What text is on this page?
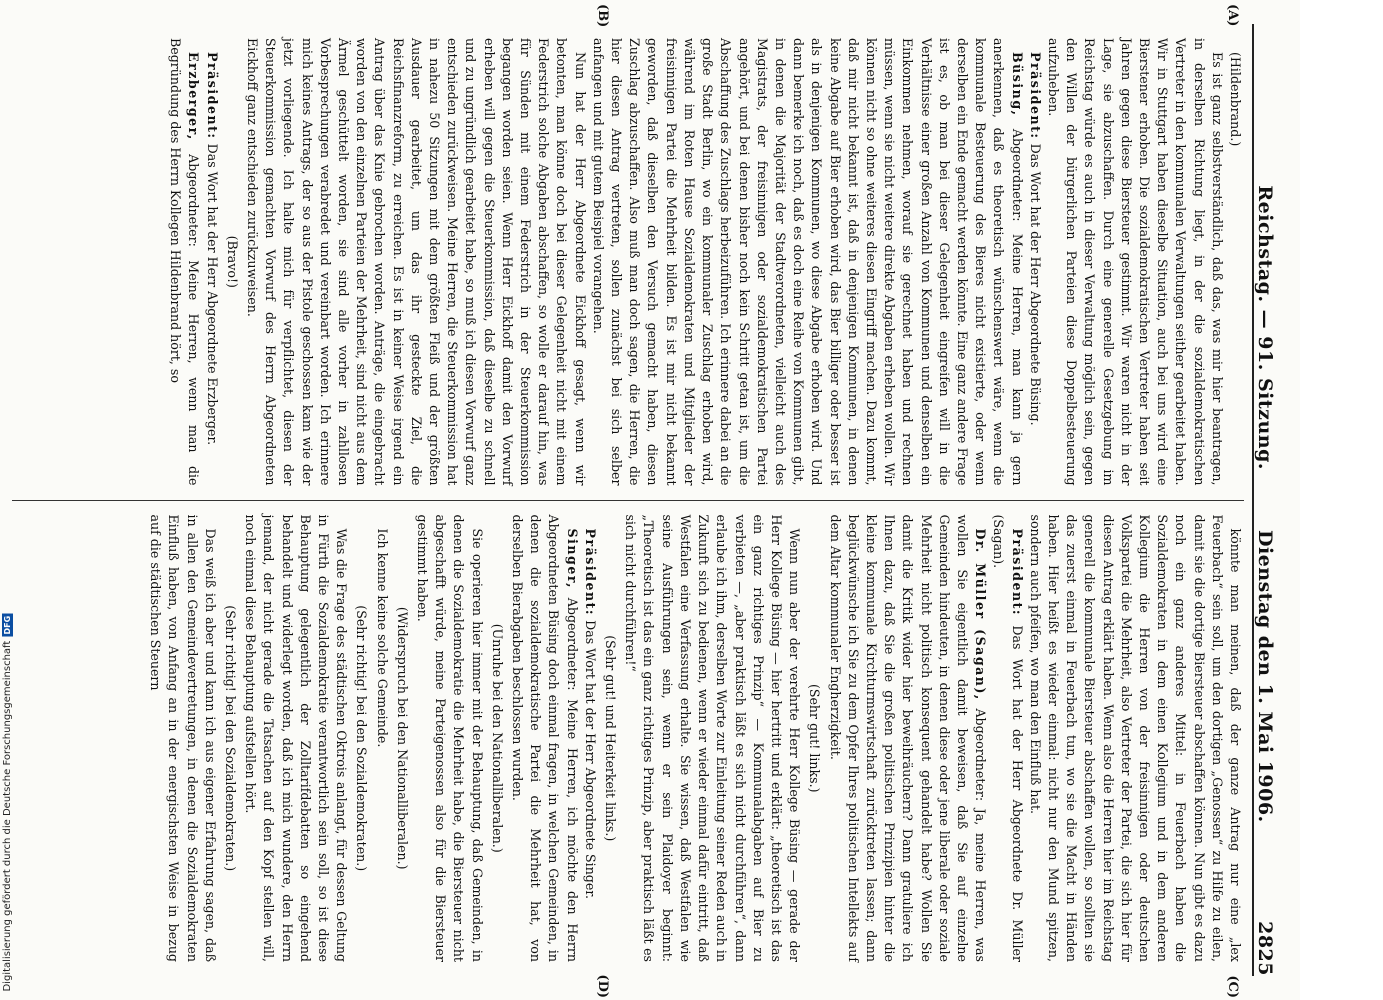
Reichstag. — 91. Sitzung.
Dienstag den 1. Mai 1906.
2825

(Hildenbrand.)

Es ist ganz selbstverständlich, daß das, was mir hier beantragen, in derselben Richtung liegt, in der die sozialdemokratischen Vertreter in den kommunalen Verwaltungen seither gearbeitet haben. Wir in Stuttgart haben dieselbe Situation, auch bei uns wird eine Bierstener erhoben. Die sozialdemokratischen Vertreter haben seit Jahren gegen diese Biersteuer gestimmt. Wir waren nicht in der Lage, sie abzuschaffen. Durch eine generelle Gesetzgebung im Reichstag würde es auch in dieser Verwaltung möglich sein, gegen den Willen der bürgerlichen Parteien diese Doppelbesteuerung aufzuheben.

Präsident: Das Wort hat der Herr Abgeordnete Büsing.

Büsing, Abgeordneter: Meine Herren, man kann ja gern anerkennen, daß es theoretisch wünschenswert wäre, wenn die kommunale Besteuerung des Bieres nicht existierte, oder wenn derselben ein Ende gemacht werden könnte. Eine ganz andere Frage ist es, ob man bei dieser Gelegenheit eingreifen will in die Verhältnisse einer großen Anzahl von Kommunen und denselben ein Einkommen nehmen, worauf sie gerechnet haben und rechnen müssen, wenn sie nicht weitere direkte Abgaben erheben wollen. Wir können nicht so ohne weiteres diesen Eingriff machen. Dazu kommt, daß mir nicht bekannt ist, daß in denjenigen Kommunen, in denen keine Abgabe auf Bier erhoben wird, das Bier billiger oder besser ist als in denjenigen Kommunen, wo diese Abgabe erhoben wird. Und dann bemerke ich noch, daß es doch eine Reihe von Kommunen gibt, in denen die Majorität der Stadtverordneten, vielleicht auch des Magistrats, der freisinnigen oder sozialdemokratischen Partei angehört, und bei denen bisher noch kein Schritt getan ist, um die Abschaffung des Zuschlags herbeizuführen. Ich erinnere dabei an die große Stadt Berlin, wo ein kommunaler Zuschlag erhoben wird, während im Roten Hause Sozialdemokraten und Mitglieder der freisinnigen Partei die Mehrheit bilden. Es ist mir nicht bekannt geworden, daß dieselben den Versuch gemacht haben, diesen Zuschlag abzuschaffen. Also muß man doch sagen, die Herren, die hier diesen Antrag vertreten, sollen zunächst bei sich selber anfangen und mit gutem Beispiel vorangehen.

Nun hat der Herr Abgeordnete Eickhoff gesagt, wenn wir betonten, man könne doch bei dieser Gelegenheit nicht mit einem Federstrich solche Abgaben abschaffen, so wolle er darauf hin, was für Sünden mit einem Federstrich in der Steuerkommission begangen worden seien. Wenn Herr Eickhoff damit den Vorwurf erheben will gegen die Steuerkommission, daß dieselbe zu schnell und zu ungründlich gearbeitet habe, so muß ich diesen Vorwurf ganz entschieden zurückweisen. Meine Herren, die Steuerkommission hat in nahezu 50 Sitzungen mit dem größten Fleiß und der größten Ausdauer gearbeitet, um das ihr gesteckte Ziel, die Reichsfinanzreform, zu erreichen. Es ist in keiner Weise irgend ein Antrag über das Knie gebrochen worden. Anträge, die eingebracht worden von den einzelnen Parteien der Mehrheit, sind nicht aus dem Ärmel geschüttelt worden, sie sind alle vorher in zahllosen Vorbesprechungen verabredet und vereinbart worden. Ich erinnere mich keines Antrags, der so aus der Pistole geschossen kam wie der jetzt vorliegende. Ich halte mich für verpflichtet, diesen der Steuerkommission gemachten Vorwurf des Herrn Abgeordneten Eickhoff ganz entschieden zurückzuweisen.

(Bravo!)

Präsident: Das Wort hat der Herr Abgeordnete Erzberger.

Erzberger, Abgeordneter: Meine Herren, wenn man die Begründung des Herrn Kollegen Hildenbrand hört, so

könnte man meinen, daß der ganze Antrag nur eine „lex Feuerbach“ sein soll, um den dortigen „Genossen“ zu Hilfe zu eilen, damit sie die dortige Biersteuer abschaffen können. Nun gibt es dazu noch ein ganz anderes Mittel: in Feuerbach haben die Sozialdemokraten in dem einen Kollegium und in dem anderen Kollegium die Herren von der freisinnigen oder deutschen Volkspartei die Mehrheit, also Vertreter der Partei, die sich hier für diesen Antrag erklärt haben. Wenn also die Herren hier im Reichstag generell die kommunale Biersteuer abschaffen wollen, so sollten sie das zuerst einmal in Feuerbach tun, wo sie die Macht in Händen haben. Hier heißt es wieder einmal: nicht nur den Mund spitzen, sondern auch pfeifen, wo man den Einfluß hat.

Präsident: Das Wort hat der Herr Abgeordnete Dr. Müller (Sagan).

Dr. Müller (Sagan), Abgeordneter: Ja, meine Herren, was wollen Sie eigentlich damit beweisen, daß Sie auf einzelne Gemeinden hindeuten, in denen diese oder jene liberale oder soziale Mehrheit nicht politisch konsequent gehandelt habe? Wollen Sie damit die Kritik wider hier beweihräuchern? Dann gratuliere ich Ihnen dazu, daß Sie die großen politischen Prinzipien hinter die kleine kommunale Kirchturmswirtschaft zurücktreten lassen; dann beglückwünsche ich Sie zu dem Opfer Ihres politischen Intellekts auf dem Altar kommunaler Engherzigkeit.

(Sehr gut! links.)

Wenn nun aber der verehrte Herr Kollege Büsing — gerade der Herr Kollege Büsing — hier hertritt und erklärt: „theoretisch ist das ein ganz richtiges Prinzip“ — Kommunalabgaben auf Bier zu verbieten —, „aber praktisch läßt es sich nicht durchführen“, dann erlaube ich ihm, derselben Worte zur Einleitung seiner Reden auch in Zukunft sich zu bedienen, wenn er wieder einmal dafür eintritt, daß Westfalen eine Verfassung erhalte. Sie wissen, daß Westfalen wie seine Ausführungen sein, wenn er sein Plaidoyer beginnt: „Theoretisch ist das ein ganz richtiges Prinzip, aber praktisch läßt es sich nicht durchführen!“

(Sehr gut! und Heiterkeit links.)

Präsident: Das Wort hat der Herr Abgeordnete Singer.

Singer, Abgeordneter: Meine Herren, ich möchte den Herrn Abgeordneten Büsing doch einmal fragen, in welchen Gemeinden, in denen die sozialdemokratische Partei die Mehrheit hat, von derselben Bierabgaben beschlossen wurden.

(Unruhe bei den Nationalliberalen.)

Sie operieren hier immer mit der Behauptung, daß Gemeinden, in denen die Sozialdemokratie die Mehrheit habe, die Biersteuer nicht abgeschafft würde, meine Parteigenossen also für die Biersteuer gestimmt haben.

(Widerspruch bei den Nationalliberalen.)

Ich kenne keine solche Gemeinde.

(Sehr richtig! bei den Sozialdemokraten.)

Was die Frage des städtischen Oktrois anlangt, für dessen Geltung in Fürth die Sozialdemokratie verantwortlich sein soll, so ist diese Behauptung gelegentlich der Zolltarifdebatten so eingehend behandelt und widerlegt worden, daß ich mich wundere, den Herrn jemand, der nicht gerade die Tatsachen auf den Kopf stellen will, noch einmal diese Behauptung aufstellen hört.

(Sehr richtig! bei den Sozialdemokraten.)

Das weiß ich aber und kann ich aus eigener Erfahrung sagen, daß in allen den Gemeindevertretungen, in denen die Sozialdemokraten Einfluß haben, von Anfang an in der energischsten Weise in bezug auf die städtischen Steuern

(A)
(B)
(C)
(D)
Digitalisierung gefördert durch die Deutsche Forschungsgemeinschaft
DFG
